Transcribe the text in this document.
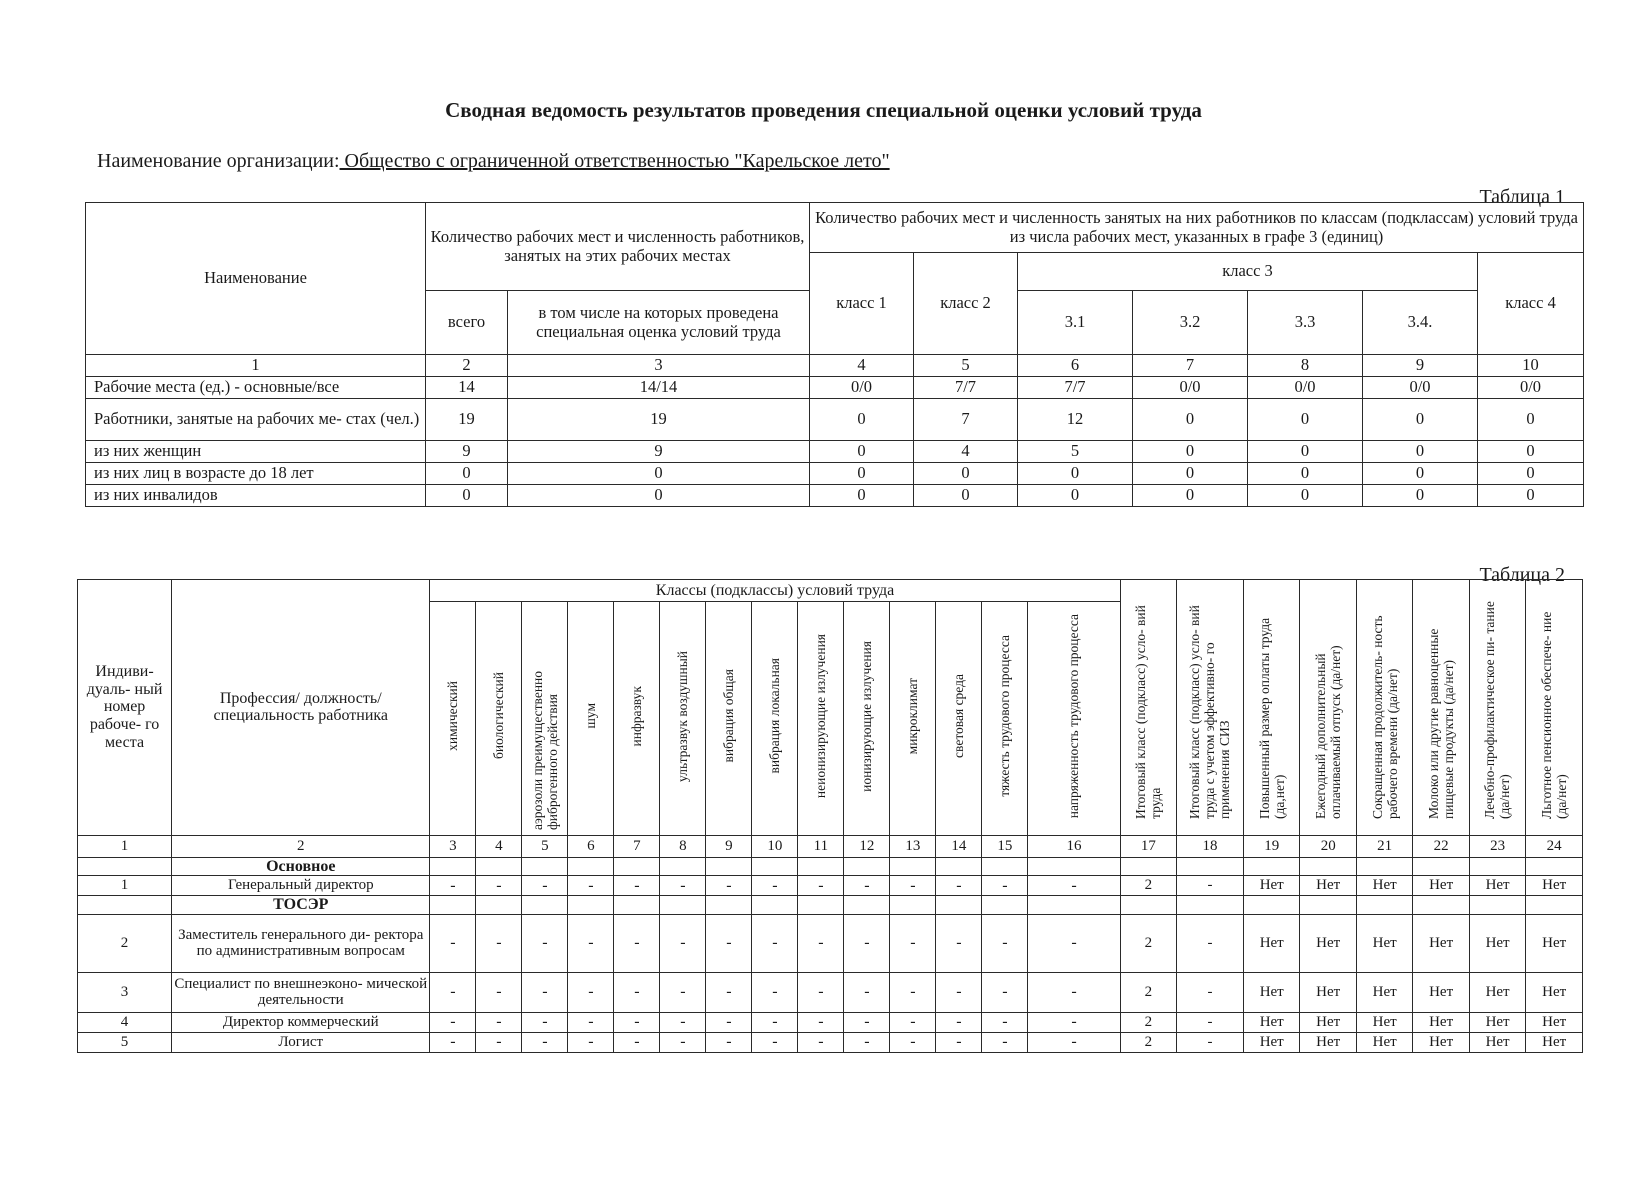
Сводная ведомость результатов проведения специальной оценки условий труда
Наименование организации: Общество с ограниченной ответственностью "Карельское лето"
Таблица 1
Наименование	Количество рабочих мест и численность работников, занятых на этих рабочих местах		Количество рабочих мест и численность занятых на них работников по классам (подклассам) условий труда из числа рабочих мест, указанных в графе 3 (единиц)						
			класс 1	класс 2	класс 3				класс 4
	всего	в том числе на которых проведена специальная оценка условий труда			3.1	3.2	3.3	3.4.	
1	2	3	4	5	6	7	8	9	10
Рабочие места (ед.) - основные/все	14	14/14	0/0	7/7	7/7	0/0	0/0	0/0	0/0
Работники, занятые на рабочих ме- стах (чел.)	19	19	0	7	12	0	0	0	0
из них женщин	9	9	0	4	5	0	0	0	0
из них лиц в возрасте до 18 лет	0	0	0	0	0	0	0	0	0
из них инвалидов	0	0	0	0	0	0	0	0	0
Таблица 2
Индиви- дуаль- ный номер рабоче- го места	Профессия/ должность/ специальность работника	Классы (подклассы) условий труда														Итоговый класс (подкласс) усло- вий труда	Итоговый класс (подкласс) усло- вий труда с учетом эффективно- го применения СИЗ	Повышенный размер оплаты труда (да,нет)	Ежегодный дополнительный оплачиваемый отпуск (да/нет)	Сокращенная продолжитель- ность рабочего времени (да/нет)	Молоко или другие равноценные пищевые продукты (да/нет)	Лечебно-профилактическое пи- тание (да/нет)	Льготное пенсионное обеспече- ние (да/нет)
		химический	биологический	аэрозоли преимущественно фиброгенного действия	шум	инфразвук	ультразвук воздушный	вибрация общая	вибрация локальная	неионизирующие излучения	ионизирующие излучения	микроклимат	световая среда	тяжесть трудового процесса	напряженность трудового процесса								
1	2	3	4	5	6	7	8	9	10	11	12	13	14	15	16	17	18	19	20	21	22	23	24
	Основное																						
1	Генеральный директор	-	-	-	-	-	-	-	-	-	-	-	-	-	-	2	-	Нет	Нет	Нет	Нет	Нет	Нет
	ТОСЭР																						
2	Заместитель генерального ди- ректора по административным вопросам	-	-	-	-	-	-	-	-	-	-	-	-	-	-	2	-	Нет	Нет	Нет	Нет	Нет	Нет
3	Специалист по внешнеэконо- мической деятельности	-	-	-	-	-	-	-	-	-	-	-	-	-	-	2	-	Нет	Нет	Нет	Нет	Нет	Нет
4	Директор коммерческий	-	-	-	-	-	-	-	-	-	-	-	-	-	-	2	-	Нет	Нет	Нет	Нет	Нет	Нет
5	Логист	-	-	-	-	-	-	-	-	-	-	-	-	-	-	2	-	Нет	Нет	Нет	Нет	Нет	Нет
